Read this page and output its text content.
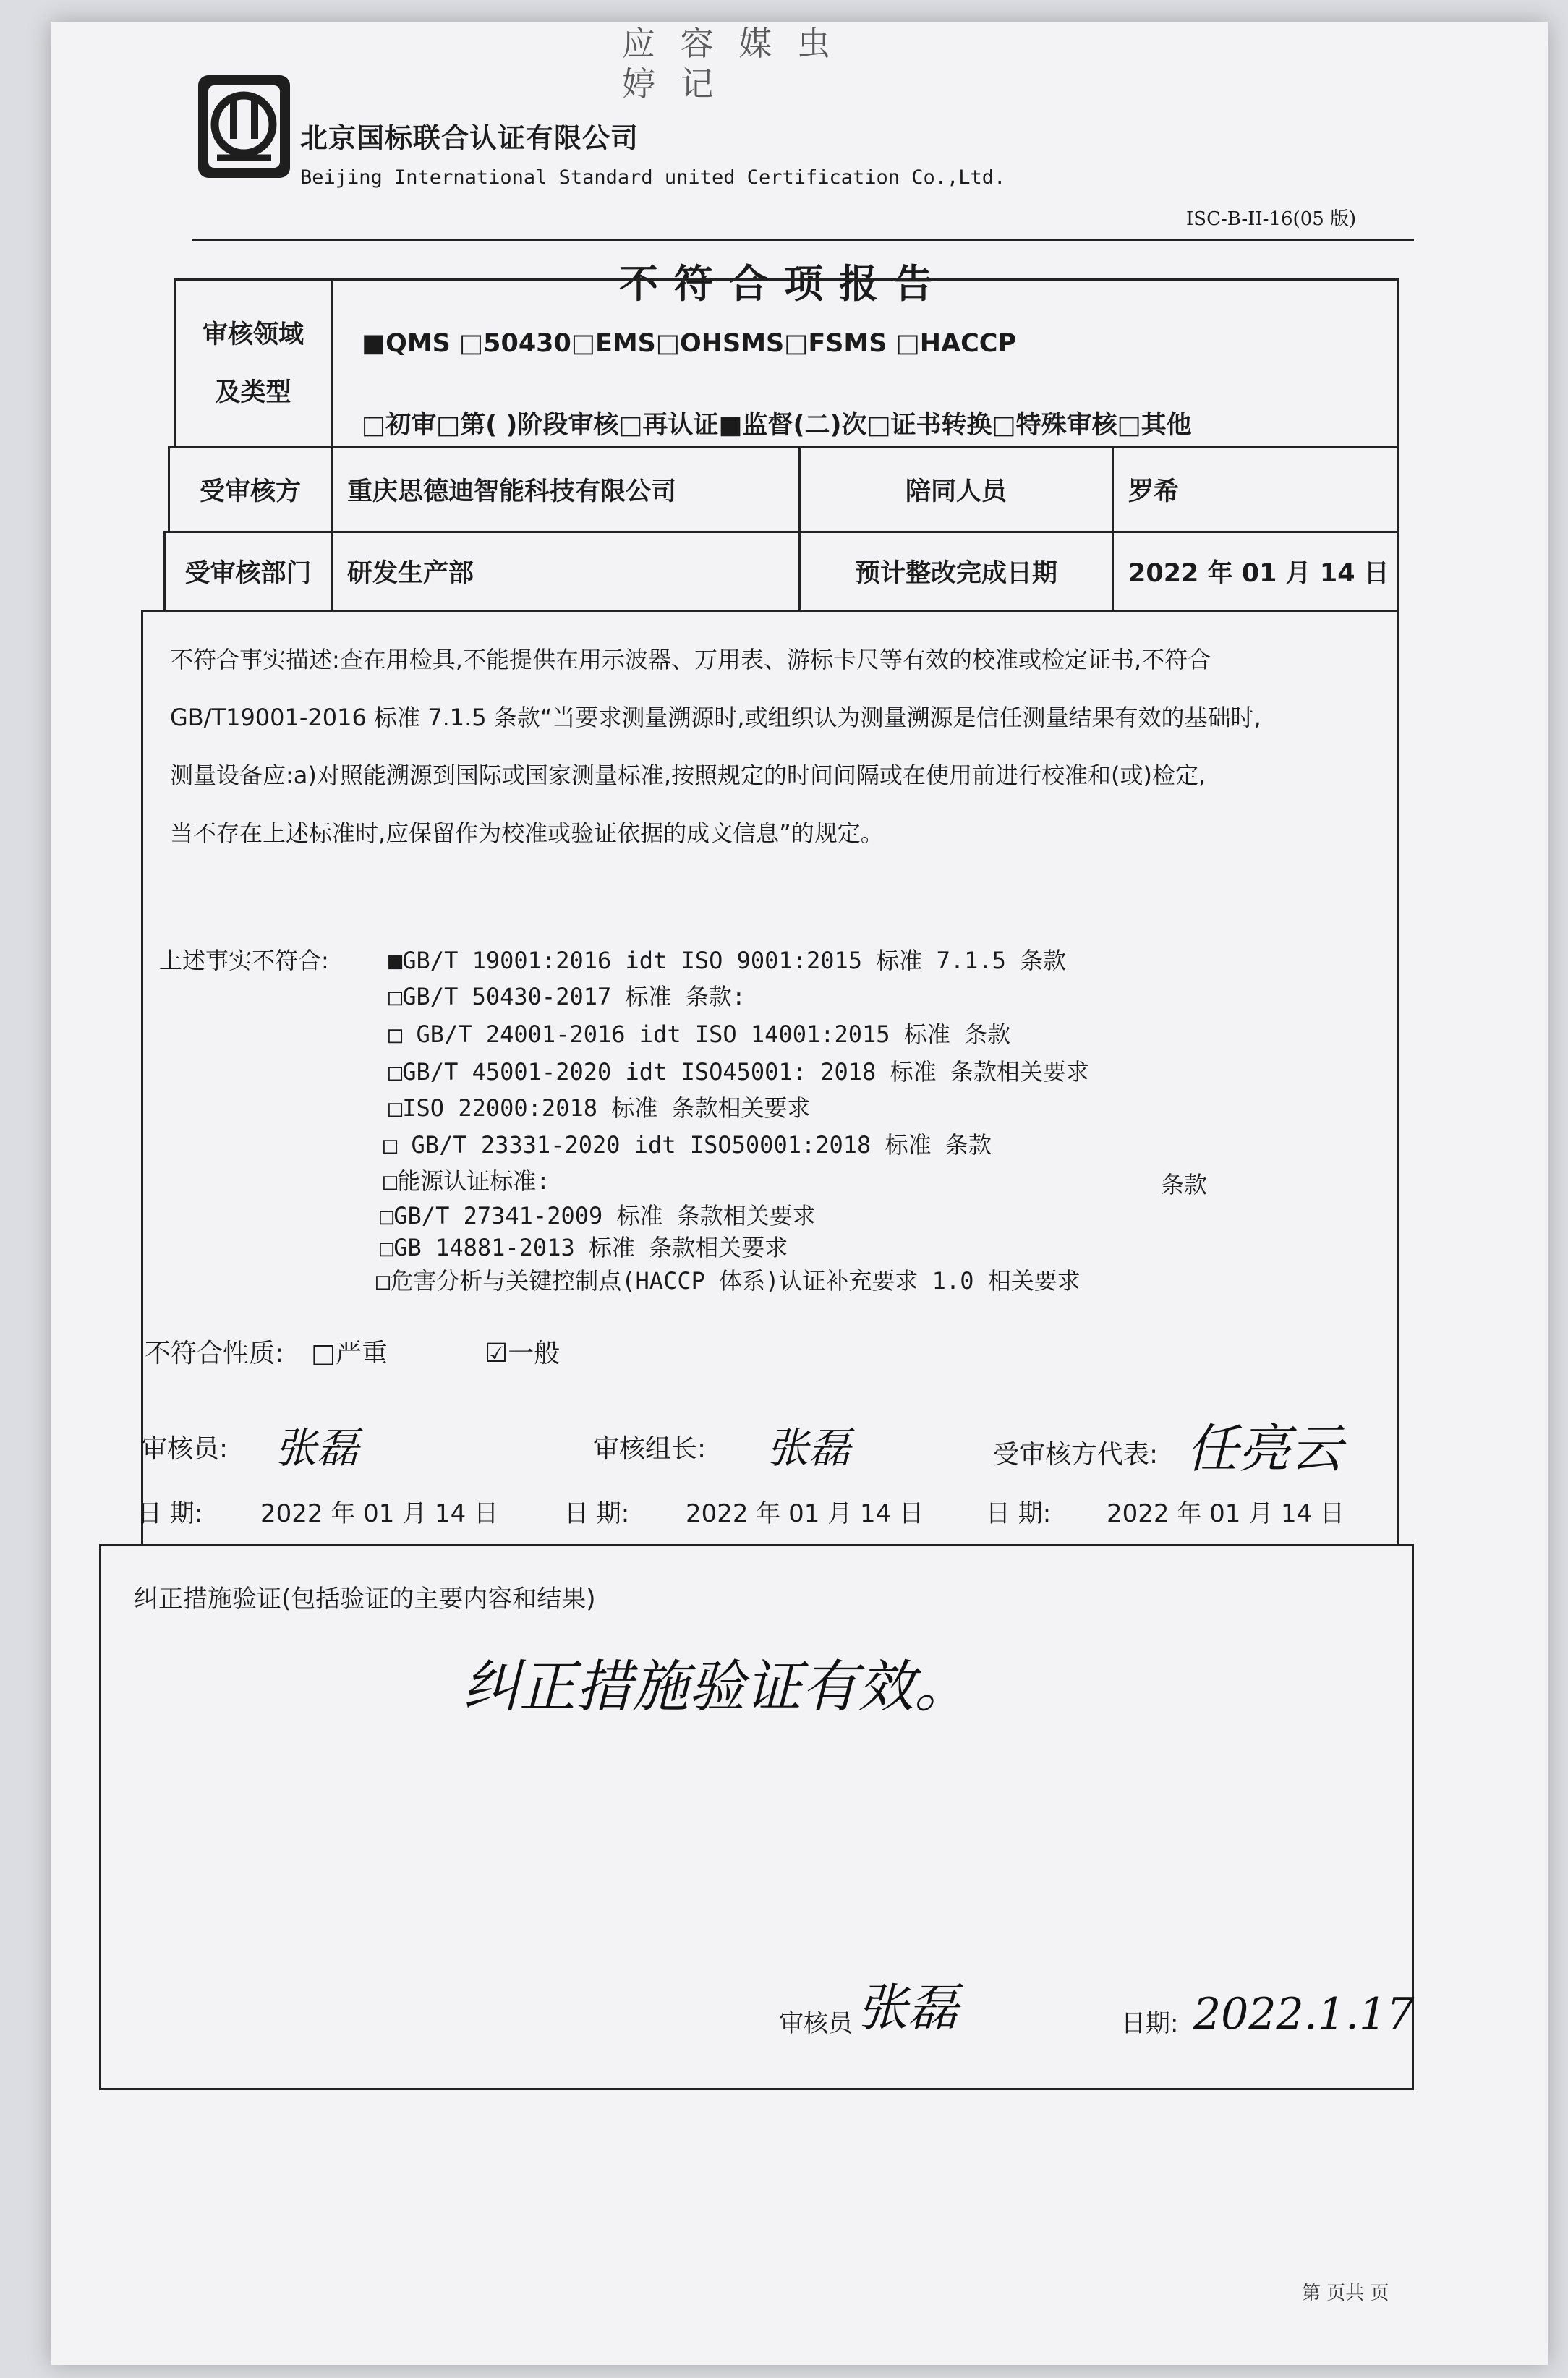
应 容 媒 虫
婷 记
北京国标联合认证有限公司
Beijing International Standard united Certification Co.,Ltd.
ISC-B-II-16(05 版)
不符合项报告
审核领域及类型
■QMS □50430□EMS□OHSMS□FSMS □HACCP
□初审□第( )阶段审核□再认证■监督(二)次□证书转换□特殊审核□其他
受审核方 重庆思德迪智能科技有限公司	陪同人员	罗希
受审核部门 研发生产部	预计整改完成日期	2022 年 01 月 14 日
不符合事实描述:查在用检具,不能提供在用示波器、万用表、游标卡尺等有效的校准或检定证书,不符合
GB/T19001-2016 标准 7.1.5 条款“当要求测量溯源时,或组织认为测量溯源是信任测量结果有效的基础时,
测量设备应:a)对照能溯源到国际或国家测量标准,按照规定的时间间隔或在使用前进行校准和(或)检定,
当不存在上述标准时,应保留作为校准或验证依据的成文信息”的规定。
上述事实不符合:	■GB/T 19001:2016 idt ISO 9001:2015 标准 7.1.5 条款
□GB/T 50430-2017 标准 条款:
□ GB/T 24001-2016 idt ISO 14001:2015 标准 条款
□GB/T 45001-2020 idt ISO45001: 2018 标准 条款相关要求
□ISO 22000:2018 标准 条款相关要求
□ GB/T 23331-2020 idt ISO50001:2018 标准 条款
□能源认证标准:	条款
□GB/T 27341-2009 标准 条款相关要求
□GB 14881-2013 标准 条款相关要求
□危害分析与关键控制点(HACCP 体系)认证补充要求 1.0 相关要求
不符合性质: □严重	☑一般
审核员: 张磊	审核组长: 张磊	受审核方代表: 任亮云
日 期: 2022 年 01 月 14 日	日 期: 2022 年 01 月 14 日	日 期: 2022 年 01 月 14 日
纠正措施验证(包括验证的主要内容和结果)
纠正措施验证有效。
审核员 张磊	日期: 2022.1.17
第 页共 页
